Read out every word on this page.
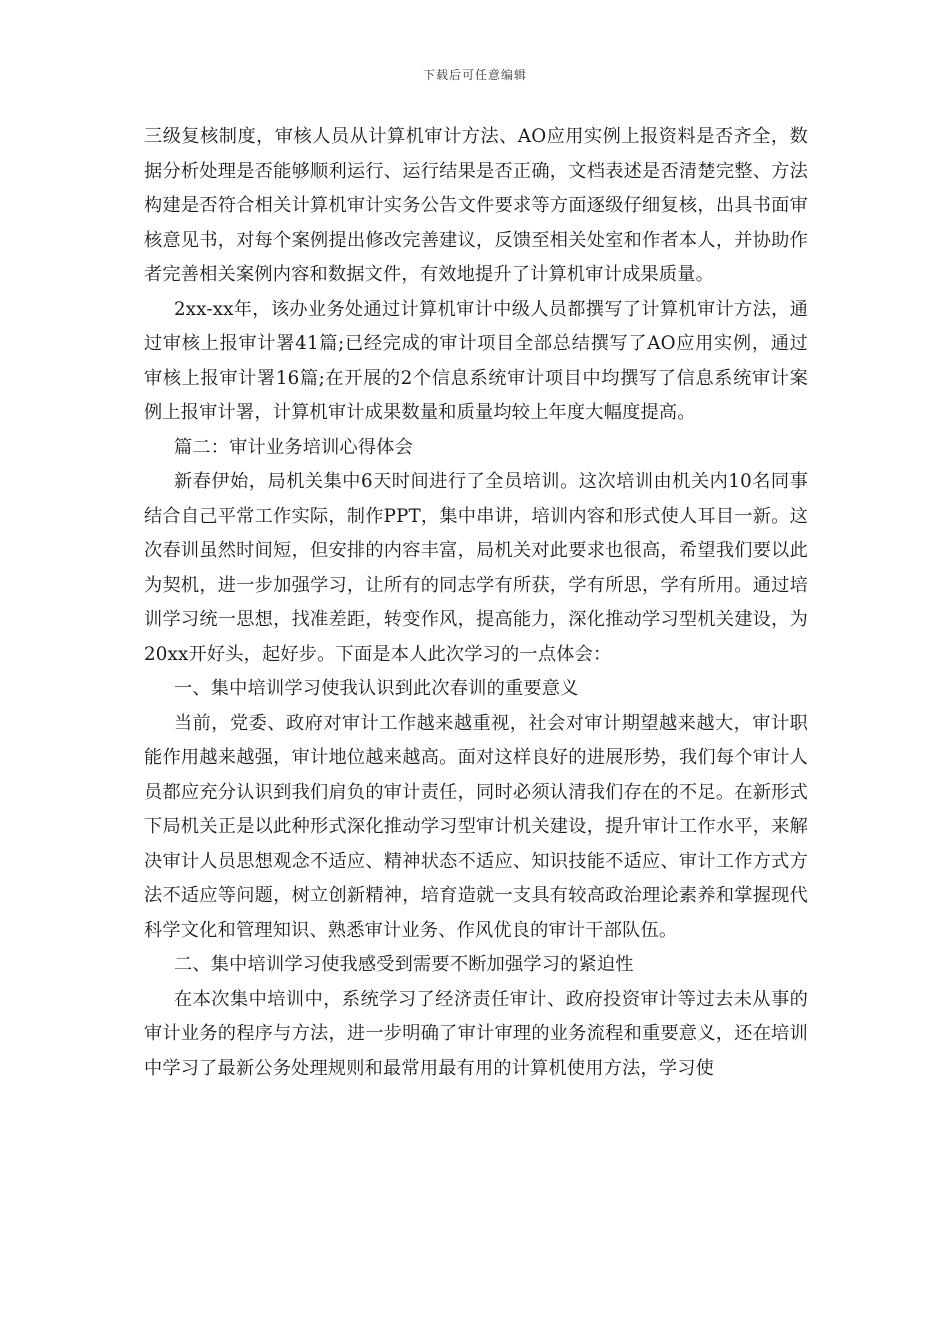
下载后可任意编辑

三级复核制度，审核人员从计算机审计方法、AO应用实例上报资料是否齐全，数据分析处理是否能够顺利运行、运行结果是否正确，文档表述是否清楚完整、方法构建是否符合相关计算机审计实务公告文件要求等方面逐级仔细复核，出具书面审核意见书，对每个案例提出修改完善建议，反馈至相关处室和作者本人，并协助作者完善相关案例内容和数据文件，有效地提升了计算机审计成果质量。

2xx-xx年，该办业务处通过计算机审计中级人员都撰写了计算机审计方法，通过审核上报审计署41篇;已经完成的审计项目全部总结撰写了AO应用实例，通过审核上报审计署16篇;在开展的2个信息系统审计项目中均撰写了信息系统审计案例上报审计署，计算机审计成果数量和质量均较上年度大幅度提高。

篇二：审计业务培训心得体会

新春伊始，局机关集中6天时间进行了全员培训。这次培训由机关内10名同事结合自己平常工作实际，制作PPT，集中串讲，培训内容和形式使人耳目一新。这次春训虽然时间短，但安排的内容丰富，局机关对此要求也很高，希望我们要以此为契机，进一步加强学习，让所有的同志学有所获，学有所思，学有所用。通过培训学习统一思想，找准差距，转变作风，提高能力，深化推动学习型机关建设，为20xx开好头，起好步。下面是本人此次学习的一点体会：

一、集中培训学习使我认识到此次春训的重要意义

当前，党委、政府对审计工作越来越重视，社会对审计期望越来越大，审计职能作用越来越强，审计地位越来越高。面对这样良好的进展形势，我们每个审计人员都应充分认识到我们肩负的审计责任，同时必须认清我们存在的不足。在新形式下局机关正是以此种形式深化推动学习型审计机关建设，提升审计工作水平，来解决审计人员思想观念不适应、精神状态不适应、知识技能不适应、审计工作方式方法不适应等问题，树立创新精神，培育造就一支具有较高政治理论素养和掌握现代科学文化和管理知识、熟悉审计业务、作风优良的审计干部队伍。

二、集中培训学习使我感受到需要不断加强学习的紧迫性

在本次集中培训中，系统学习了经济责任审计、政府投资审计等过去未从事的审计业务的程序与方法，进一步明确了审计审理的业务流程和重要意义，还在培训中学习了最新公务处理规则和最常用最有用的计算机使用方法，学习使
